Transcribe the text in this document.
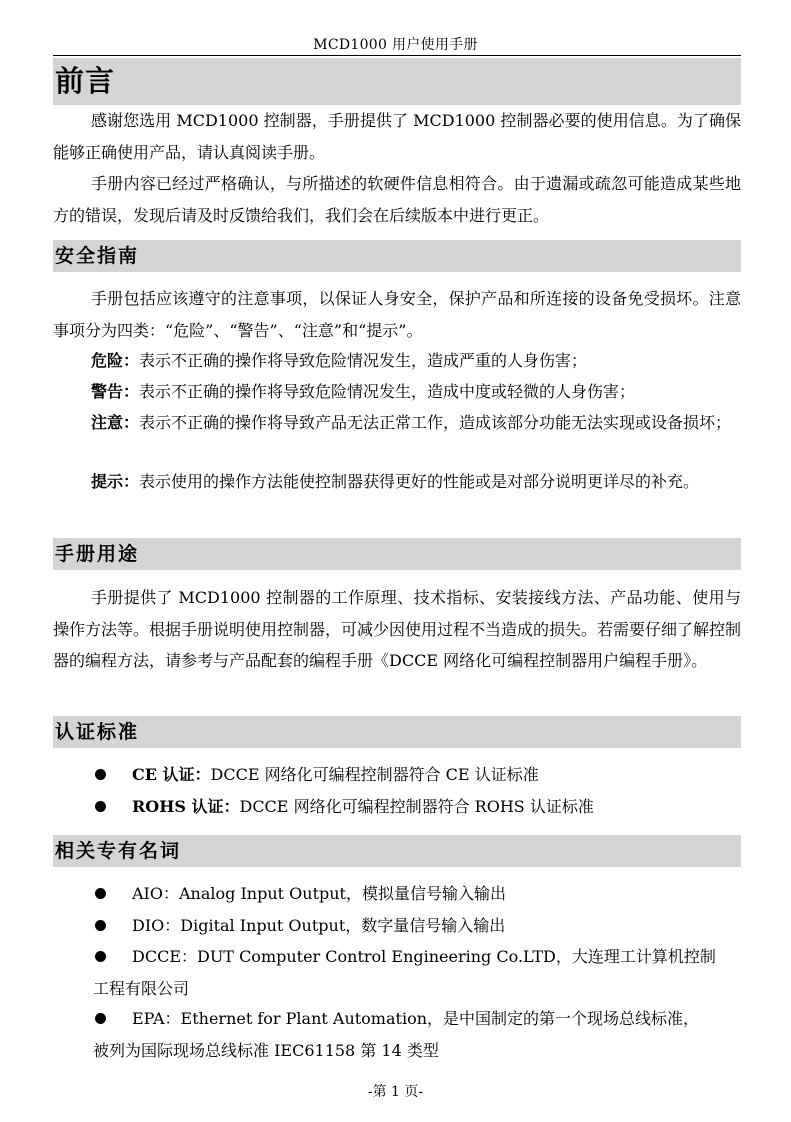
MCD1000 用户使用手册
前言

感谢您选用 MCD1000 控制器，手册提供了 MCD1000 控制器必要的使用信息。为了确保能够正确使用产品，请认真阅读手册。

手册内容已经过严格确认，与所描述的软硬件信息相符合。由于遗漏或疏忽可能造成某些地方的错误，发现后请及时反馈给我们，我们会在后续版本中进行更正。

安全指南

手册包括应该遵守的注意事项，以保证人身安全，保护产品和所连接的设备免受损坏。注意事项分为四类：“危险”、“警告”、“注意”和“提示”。

危险：表示不正确的操作将导致危险情况发生，造成严重的人身伤害；

警告：表示不正确的操作将导致危险情况发生，造成中度或轻微的人身伤害；

注意：表示不正确的操作将导致产品无法正常工作，造成该部分功能无法实现或设备损坏；

提示：表示使用的操作方法能使控制器获得更好的性能或是对部分说明更详尽的补充。

手册用途

手册提供了 MCD1000 控制器的工作原理、技术指标、安装接线方法、产品功能、使用与操作方法等。根据手册说明使用控制器，可减少因使用过程不当造成的损失。若需要仔细了解控制器的编程方法，请参考与产品配套的编程手册《DCCE 网络化可编程控制器用户编程手册》。

认证标准
CE 认证：DCCE 网络化可编程控制器符合 CE 认证标准
ROHS 认证：DCCE 网络化可编程控制器符合 ROHS 认证标准
相关专有名词
AIO：Analog Input Output，模拟量信号输入输出
DIO：Digital Input Output，数字量信号输入输出
DCCE：DUT Computer Control Engineering Co.LTD，大连理工计算机控制
工程有限公司
EPA：Ethernet for Plant Automation，是中国制定的第一个现场总线标准，
被列为国际现场总线标准 IEC61158 第 14 类型
-第 1 页-
